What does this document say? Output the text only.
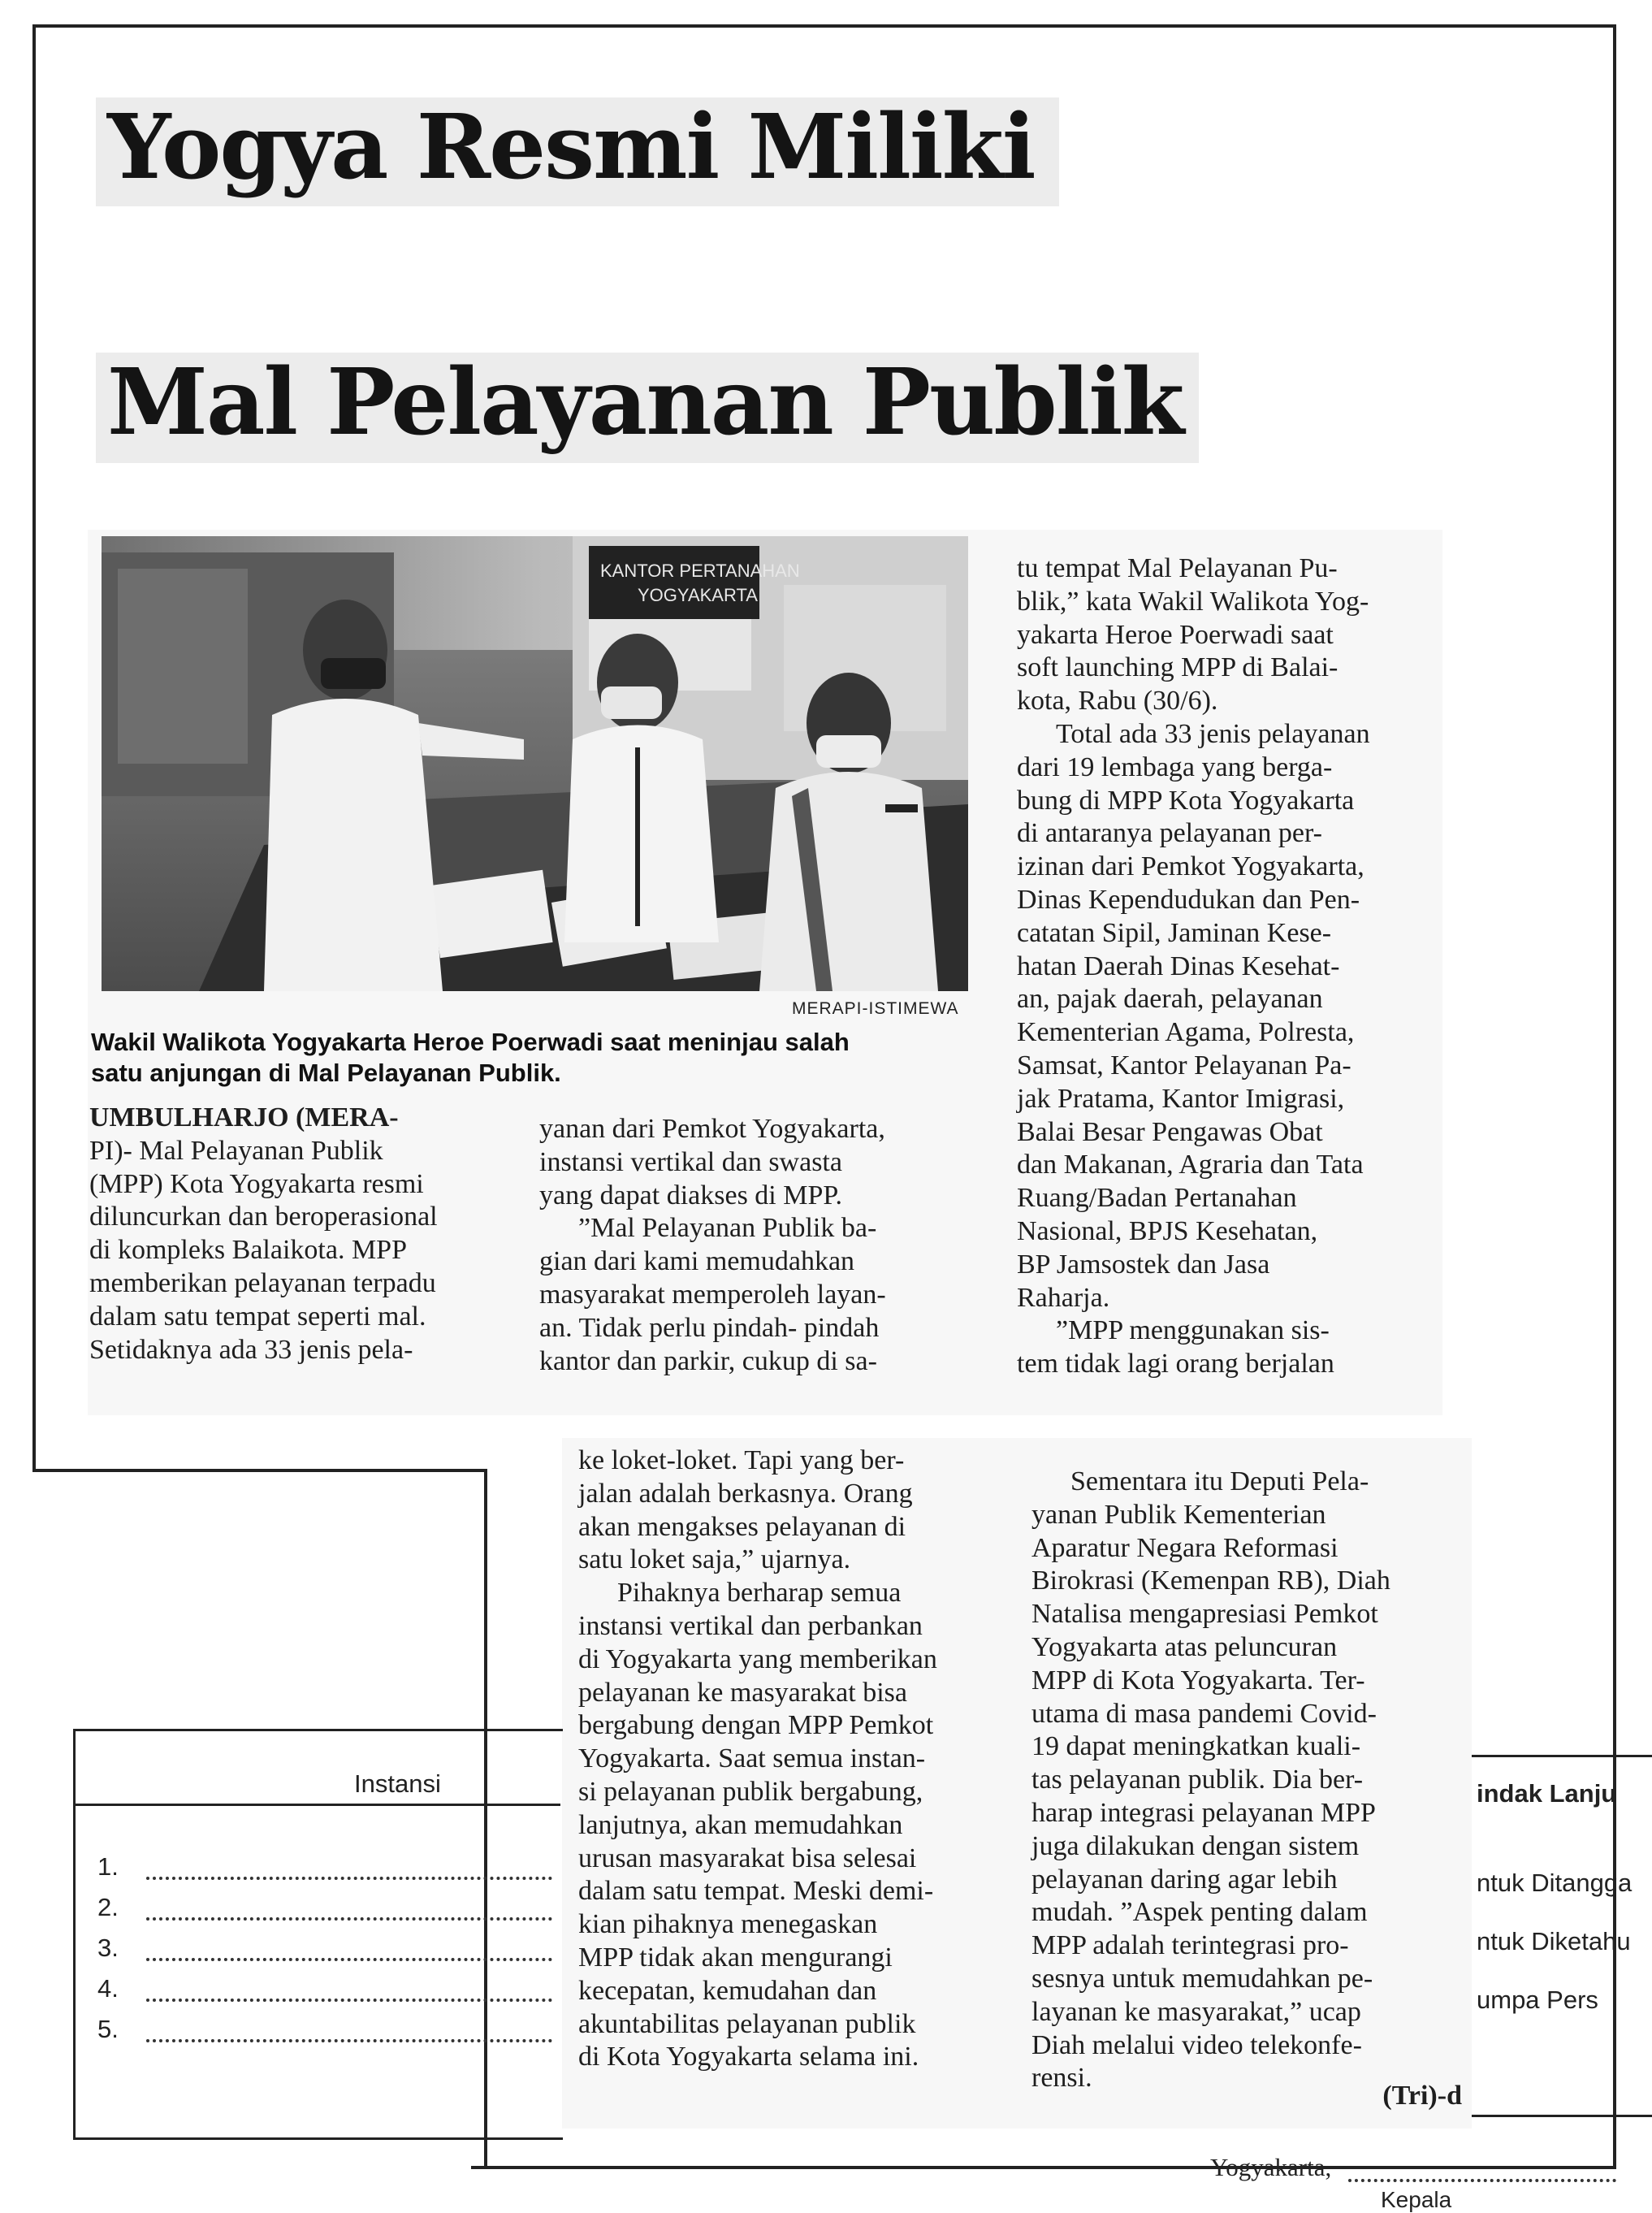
Yogya Resmi Miliki
Mal Pelayanan Publik
KANTOR PERTANAHAN
YOGYAKARTA
MERAPI-ISTIMEWA
Wakil Walikota Yogyakarta Heroe Poerwadi saat meninjau salah
satu anjungan di Mal Pelayanan Publik.

UMBULHARJO (MERA-

PI)- Mal Pelayanan Publik

(MPP) Kota Yogyakarta resmi

diluncurkan dan beroperasional

di kompleks Balaikota. MPP

memberikan pelayanan terpadu

dalam satu tempat seperti mal.

Setidaknya ada 33 jenis pela-

yanan dari Pemkot Yogyakarta,

instansi vertikal dan swasta

yang dapat diakses di MPP.

”Mal Pelayanan Publik ba-

gian dari kami memudahkan

masyarakat memperoleh layan-

an. Tidak perlu pindah- pindah

kantor dan parkir, cukup di sa-

tu tempat Mal Pelayanan Pu-

blik,” kata Wakil Walikota Yog-

yakarta Heroe Poerwadi saat

soft launching MPP di Balai-

kota, Rabu (30/6).

Total ada 33 jenis pelayanan

dari 19 lembaga yang berga-

bung di MPP Kota Yogyakarta

di antaranya pelayanan per-

izinan dari Pemkot Yogyakarta,

Dinas Kependudukan dan Pen-

catatan Sipil, Jaminan Kese-

hatan Daerah Dinas Kesehat-

an, pajak daerah, pelayanan

Kementerian Agama, Polresta,

Samsat, Kantor Pelayanan Pa-

jak Pratama, Kantor Imigrasi,

Balai Besar Pengawas Obat

dan Makanan, Agraria dan Tata

Ruang/Badan Pertanahan

Nasional, BPJS Kesehatan,

BP Jamsostek dan Jasa

Raharja.

”MPP menggunakan sis-

tem tidak lagi orang berjalan

ke loket-loket. Tapi yang ber-

jalan adalah berkasnya. Orang

akan mengakses pelayanan di

satu loket saja,” ujarnya.

Pihaknya berharap semua

instansi vertikal dan perbankan

di Yogyakarta yang memberikan

pelayanan ke masyarakat bisa

bergabung dengan MPP Pemkot

Yogyakarta. Saat semua instan-

si pelayanan publik bergabung,

lanjutnya, akan memudahkan

urusan masyarakat bisa selesai

dalam satu tempat. Meski demi-

kian pihaknya menegaskan

MPP tidak akan mengurangi

kecepatan, kemudahan dan

akuntabilitas pelayanan publik

di Kota Yogyakarta selama ini.

Sementara itu Deputi Pela-

yanan Publik Kementerian

Aparatur Negara Reformasi

Birokrasi (Kemenpan RB), Diah

Natalisa mengapresiasi Pemkot

Yogyakarta atas peluncuran

MPP di Kota Yogyakarta. Ter-

utama di masa pandemi Covid-

19 dapat meningkatkan kuali-

tas pelayanan publik. Dia ber-

harap integrasi pelayanan MPP

juga dilakukan dengan sistem

pelayanan daring agar lebih

mudah. ”Aspek penting dalam

MPP adalah terintegrasi pro-

sesnya untuk memudahkan pe-

layanan ke masyarakat,” ucap

Diah melalui video telekonfe-

rensi.

(Tri)-d
Instansi
1.
2.
3.
4.
5.
indak Lanju
ntuk Ditangga
ntuk Diketahu
umpa Pers
Yogyakarta,
Kepala
